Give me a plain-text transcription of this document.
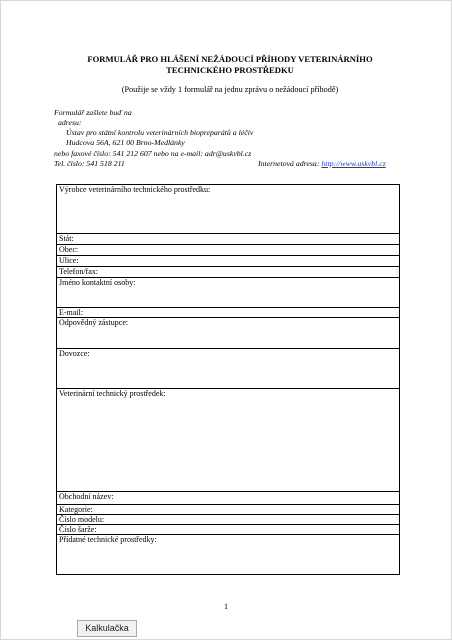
FORMULÁŘ PRO HLÁŠENÍ NEŽÁDOUCÍ PŘÍHODY VETERINÁRNÍHO
TECHNICKÉHO PROSTŘEDKU
(Použije se vždy 1 formulář na jednu zprávu o nežádoucí příhodě)
Formulář zašlete buď na
adresu:
Ústav pro státní kontrolu veterinárních biopreparátů a léčiv
Hudcova 56A, 621 00 Brno-Medlánky
nebo faxové číslo: 541 212 607 nebo na e-mail: adr@uskvbl.cz
Tel. číslo: 541 518 211	Internetová adresa: http://www.uskvbl.cz
Výrobce veterinárního technického prostředku:
Stát:
Obec:
Ulice:
Telefon/fax:
Jméno kontaktní osoby:
E-mail:
Odpovědný zástupce:
Dovozce:
Veterinární technický prostředek:
Obchodní název:
Kategorie:
Číslo modelu:
Číslo šarže:
Přídatné technické prostředky:
1
Kalkulačka
